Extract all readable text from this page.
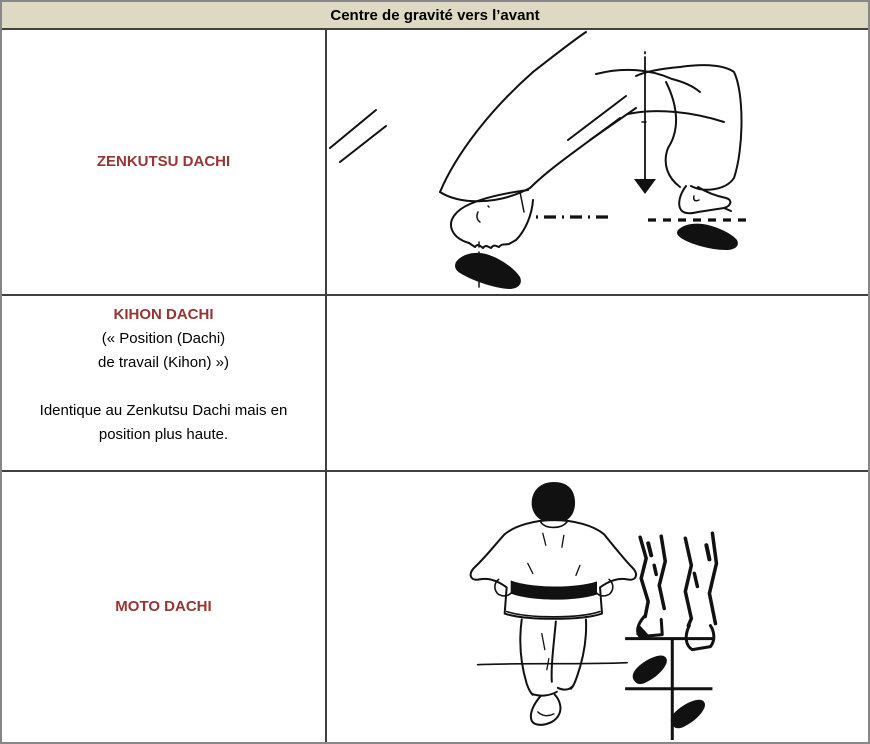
Centre de gravité vers l’avant
ZENKUTSU DACHI
KIHON DACHI
(« Position (Dachi)
de travail (Kihon) »)
Identique au Zenkutsu Dachi mais en position plus haute.
MOTO DACHI
